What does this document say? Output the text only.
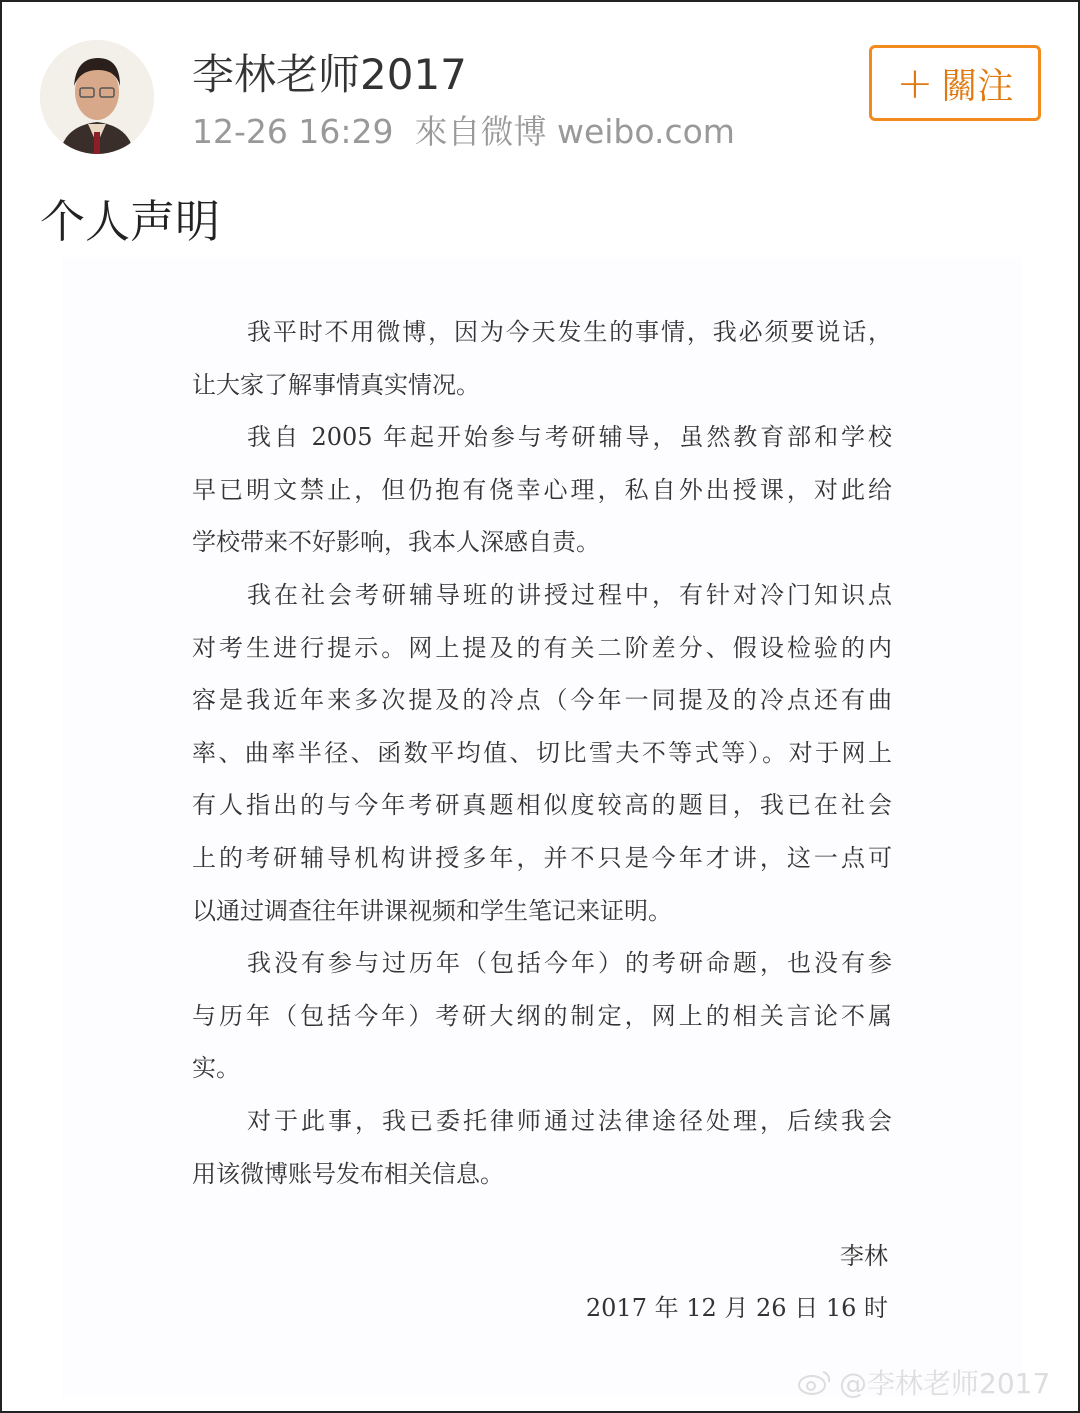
李林老师2017
12-26 16:29 來自微博 weibo.com
+ 關注
个人声明
我平时不用微博，因为今天发生的事情，我必须要说话，
让大家了解事情真实情况。
我自 2005 年起开始参与考研辅导，虽然教育部和学校
早已明文禁止，但仍抱有侥幸心理，私自外出授课，对此给
学校带来不好影响，我本人深感自责。
我在社会考研辅导班的讲授过程中，有针对冷门知识点
对考生进行提示。网上提及的有关二阶差分、假设检验的内
容是我近年来多次提及的冷点（今年一同提及的冷点还有曲
率、曲率半径、函数平均值、切比雪夫不等式等）。对于网上
有人指出的与今年考研真题相似度较高的题目，我已在社会
上的考研辅导机构讲授多年，并不只是今年才讲，这一点可
以通过调查往年讲课视频和学生笔记来证明。
我没有参与过历年（包括今年）的考研命题，也没有参
与历年（包括今年）考研大纲的制定，网上的相关言论不属
实。
对于此事，我已委托律师通过法律途径处理，后续我会
用该微博账号发布相关信息。
李林
2017 年 12 月 26 日 16 时
@李林老师2017
